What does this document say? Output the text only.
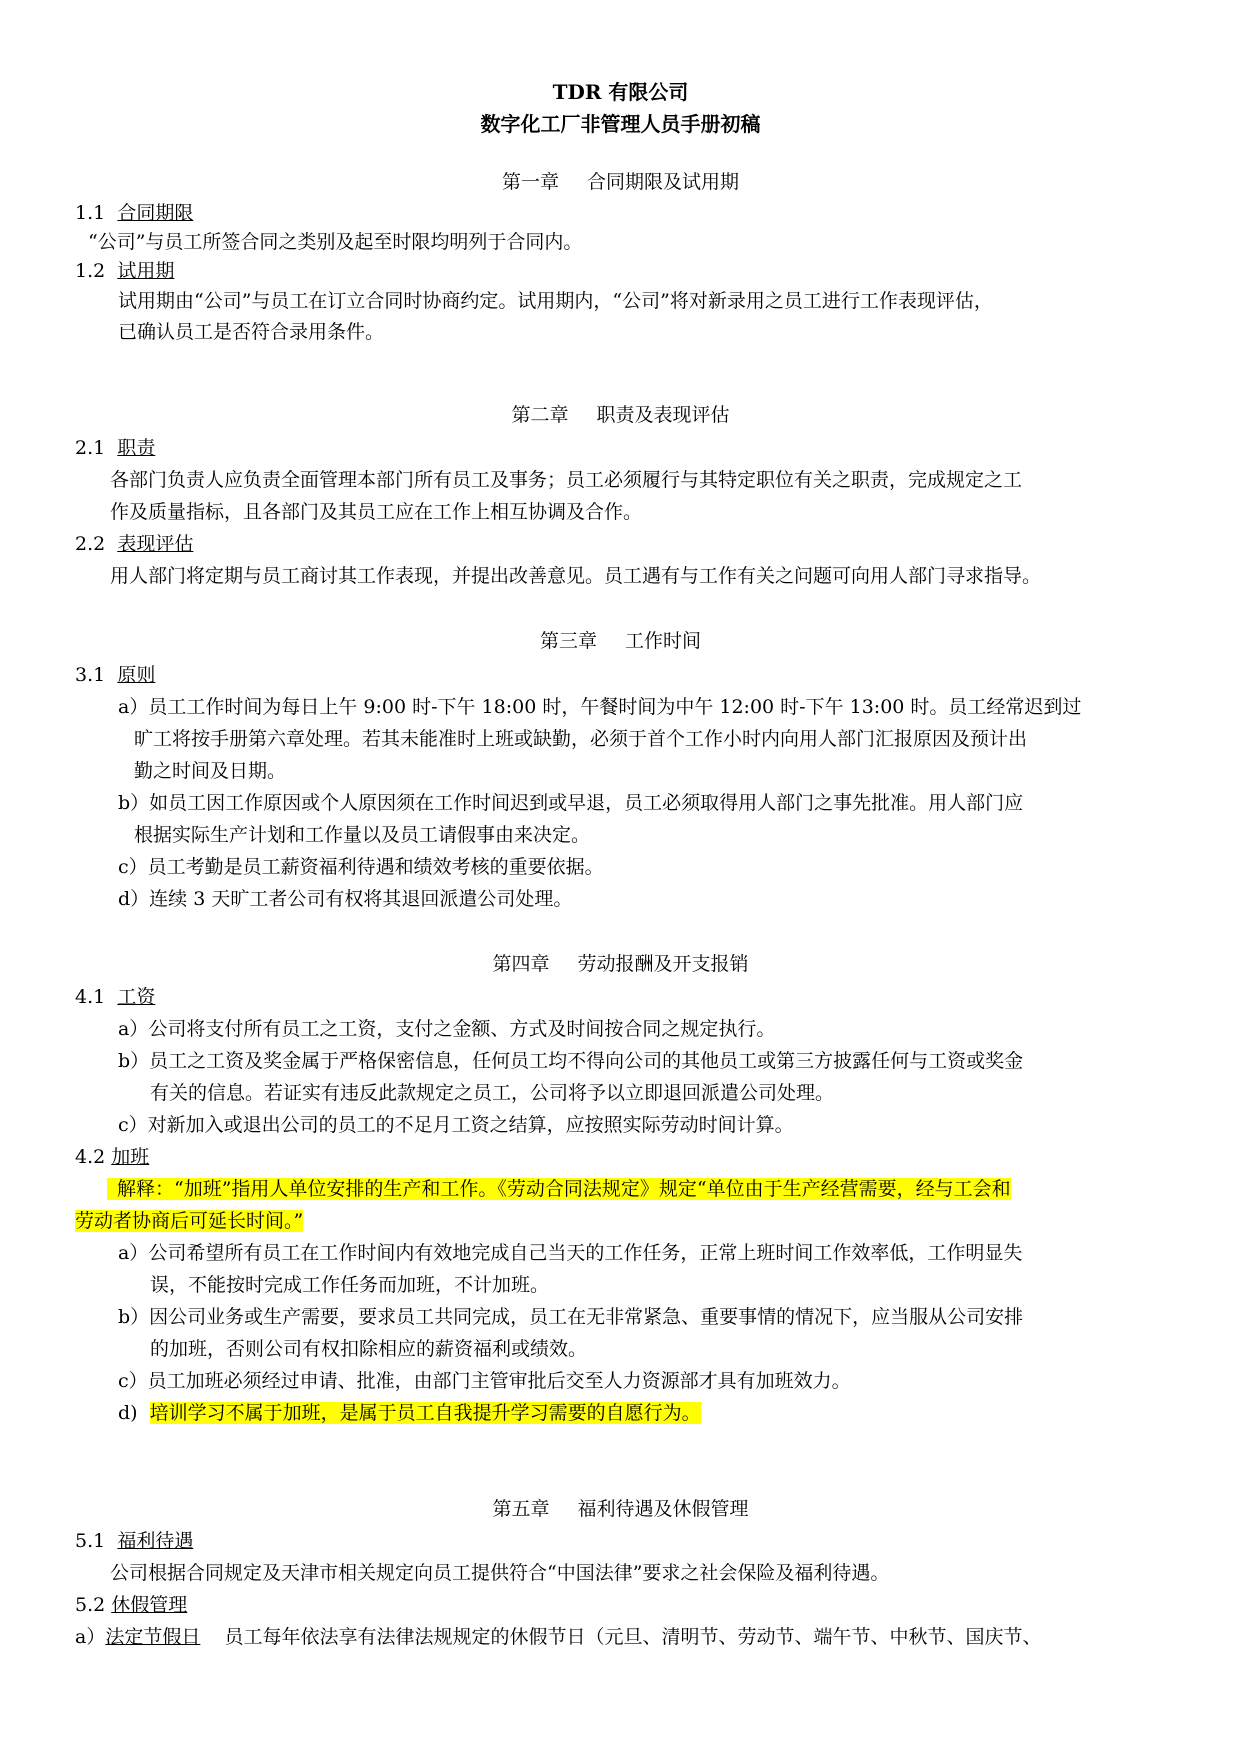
TDR 有限公司
数字化工厂非管理人员手册初稿
第一章 合同期限及试用期
1.1 合同期限
“公司”与员工所签合同之类别及起至时限均明列于合同内。
1.2 试用期
试用期由“公司”与员工在订立合同时协商约定。试用期内，“公司”将对新录用之员工进行工作表现评估，
已确认员工是否符合录用条件。
第二章 职责及表现评估
2.1 职责
各部门负责人应负责全面管理本部门所有员工及事务；员工必须履行与其特定职位有关之职责，完成规定之工
作及质量指标，且各部门及其员工应在工作上相互协调及合作。
2.2 表现评估
用人部门将定期与员工商讨其工作表现，并提出改善意见。员工遇有与工作有关之问题可向用人部门寻求指导。
第三章 工作时间
3.1 原则
a）员工工作时间为每日上午 9:00 时-下午 18:00 时，午餐时间为中午 12:00 时-下午 13:00 时。员工经常迟到过
旷工将按手册第六章处理。若其未能准时上班或缺勤，必须于首个工作小时内向用人部门汇报原因及预计出
勤之时间及日期。
b）如员工因工作原因或个人原因须在工作时间迟到或早退，员工必须取得用人部门之事先批准。用人部门应
根据实际生产计划和工作量以及员工请假事由来决定。
c）员工考勤是员工薪资福利待遇和绩效考核的重要依据。
d）连续 3 天旷工者公司有权将其退回派遣公司处理。
第四章 劳动报酬及开支报销
4.1 工资
a）公司将支付所有员工之工资，支付之金额、方式及时间按合同之规定执行。
b）员工之工资及奖金属于严格保密信息，任何员工均不得向公司的其他员工或第三方披露任何与工资或奖金
有关的信息。若证实有违反此款规定之员工，公司将予以立即退回派遣公司处理。
c）对新加入或退出公司的员工的不足月工资之结算，应按照实际劳动时间计算。
4.2 加班
解释：“加班”指用人单位安排的生产和工作。《劳动合同法规定》规定“单位由于生产经营需要，经与工会和
劳动者协商后可延长时间。”
a）公司希望所有员工在工作时间内有效地完成自己当天的工作任务，正常上班时间工作效率低，工作明显失
误，不能按时完成工作任务而加班，不计加班。
b）因公司业务或生产需要，要求员工共同完成，员工在无非常紧急、重要事情的情况下，应当服从公司安排
的加班，否则公司有权扣除相应的薪资福利或绩效。
c）员工加班必须经过申请、批准，由部门主管审批后交至人力资源部才具有加班效力。
d) 培训学习不属于加班，是属于员工自我提升学习需要的自愿行为。
第五章 福利待遇及休假管理
5.1 福利待遇
公司根据合同规定及天津市相关规定向员工提供符合“中国法律”要求之社会保险及福利待遇。
5.2 休假管理
a）法定节假日 员工每年依法享有法律法规规定的休假节日（元旦、清明节、劳动节、端午节、中秋节、国庆节、
